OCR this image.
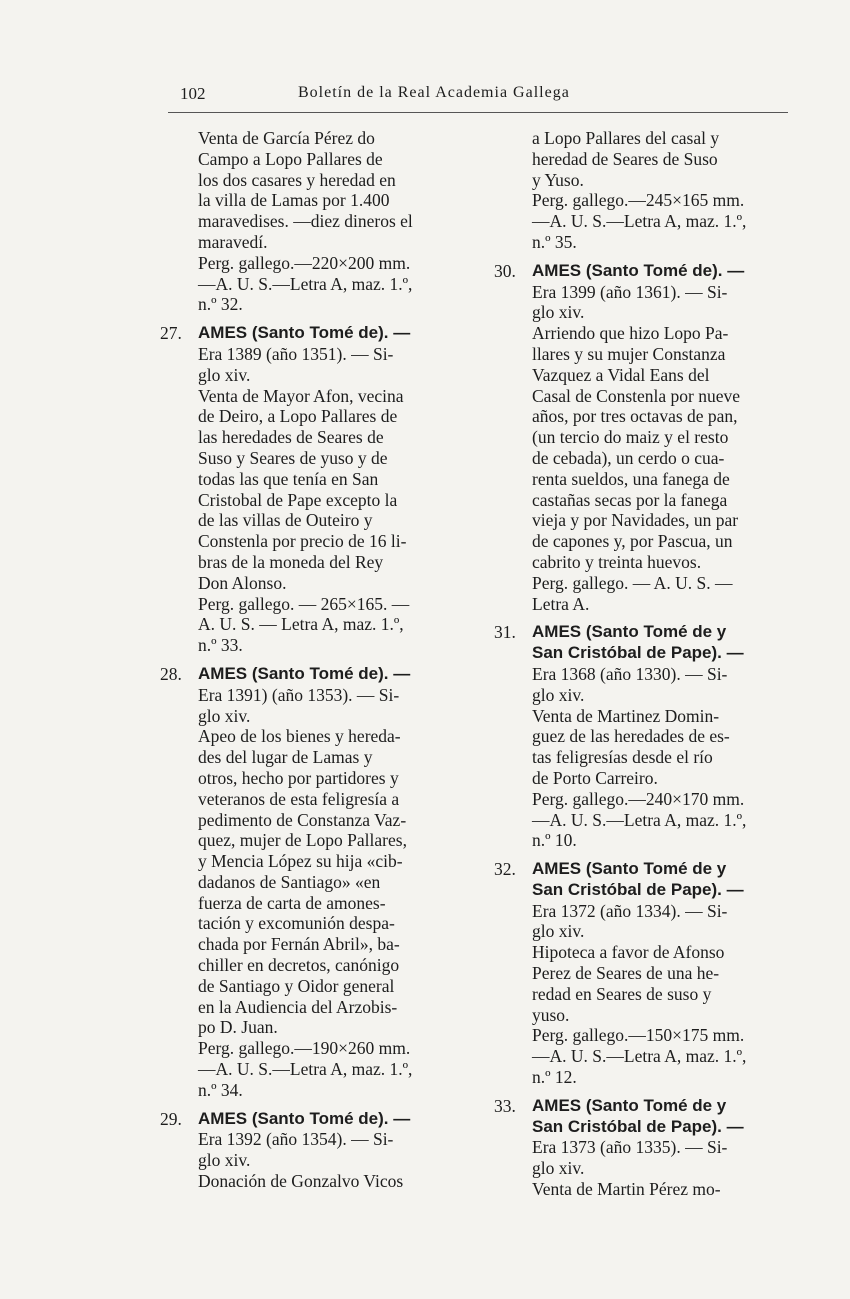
102	Boletín de la Real Academia Gallega
Venta de García Pérez do
Campo a Lopo Pallares de
los dos casares y heredad en
la villa de Lamas por 1.400
maravedises. —diez dineros el
maravedí.
Perg. gallego.—220×200 mm.
—A. U. S.—Letra A, maz. 1.º,
n.º 32.
27. AMES (Santo Tomé de). —
Era 1389 (año 1351). — Si-
glo xiv.
Venta de Mayor Afon, vecina
de Deiro, a Lopo Pallares de
las heredades de Seares de
Suso y Seares de yuso y de
todas las que tenía en San
Cristobal de Pape excepto la
de las villas de Outeiro y
Constenla por precio de 16 li-
bras de la moneda del Rey
Don Alonso.
Perg. gallego. — 265×165. —
A. U. S. — Letra A, maz. 1.º,
n.º 33.
28. AMES (Santo Tomé de). —
Era 1391) (año 1353). — Si-
glo xiv.
Apeo de los bienes y hereda-
des del lugar de Lamas y
otros, hecho por partidores y
veteranos de esta feligresía a
pedimento de Constanza Vaz-
quez, mujer de Lopo Pallares,
y Mencia López su hija «cib-
dadanos de Santiago» «en
fuerza de carta de amones-
tación y excomunión despa-
chada por Fernán Abril», ba-
chiller en decretos, canónigo
de Santiago y Oidor general
en la Audiencia del Arzobis-
po D. Juan.
Perg. gallego.—190×260 mm.
—A. U. S.—Letra A, maz. 1.º,
n.º 34.
29. AMES (Santo Tomé de). —
Era 1392 (año 1354). — Si-
glo xiv.
Donación de Gonzalvo Vicos
a Lopo Pallares del casal y
heredad de Seares de Suso
y Yuso.
Perg. gallego.—245×165 mm.
—A. U. S.—Letra A, maz. 1.º,
n.º 35.
30. AMES (Santo Tomé de). —
Era 1399 (año 1361). — Si-
glo xiv.
Arriendo que hizo Lopo Pa-
llares y su mujer Constanza
Vazquez a Vidal Eans del
Casal de Constenla por nueve
años, por tres octavas de pan,
(un tercio do maiz y el resto
de cebada), un cerdo o cua-
renta sueldos, una fanega de
castañas secas por la fanega
vieja y por Navidades, un par
de capones y, por Pascua, un
cabrito y treinta huevos.
Perg. gallego. — A. U. S. —
Letra A.
31. AMES (Santo Tomé de y
San Cristóbal de Pape). —
Era 1368 (año 1330). — Si-
glo xiv.
Venta de Martinez Domin-
guez de las heredades de es-
tas feligresías desde el río
de Porto Carreiro.
Perg. gallego.—240×170 mm.
—A. U. S.—Letra A, maz. 1.º,
n.º 10.
32. AMES (Santo Tomé de y
San Cristóbal de Pape). —
Era 1372 (año 1334). — Si-
glo xiv.
Hipoteca a favor de Afonso
Perez de Seares de una he-
redad en Seares de suso y
yuso.
Perg. gallego.—150×175 mm.
—A. U. S.—Letra A, maz. 1.º,
n.º 12.
33. AMES (Santo Tomé de y
San Cristóbal de Pape). —
Era 1373 (año 1335). — Si-
glo xiv.
Venta de Martin Pérez mo-
